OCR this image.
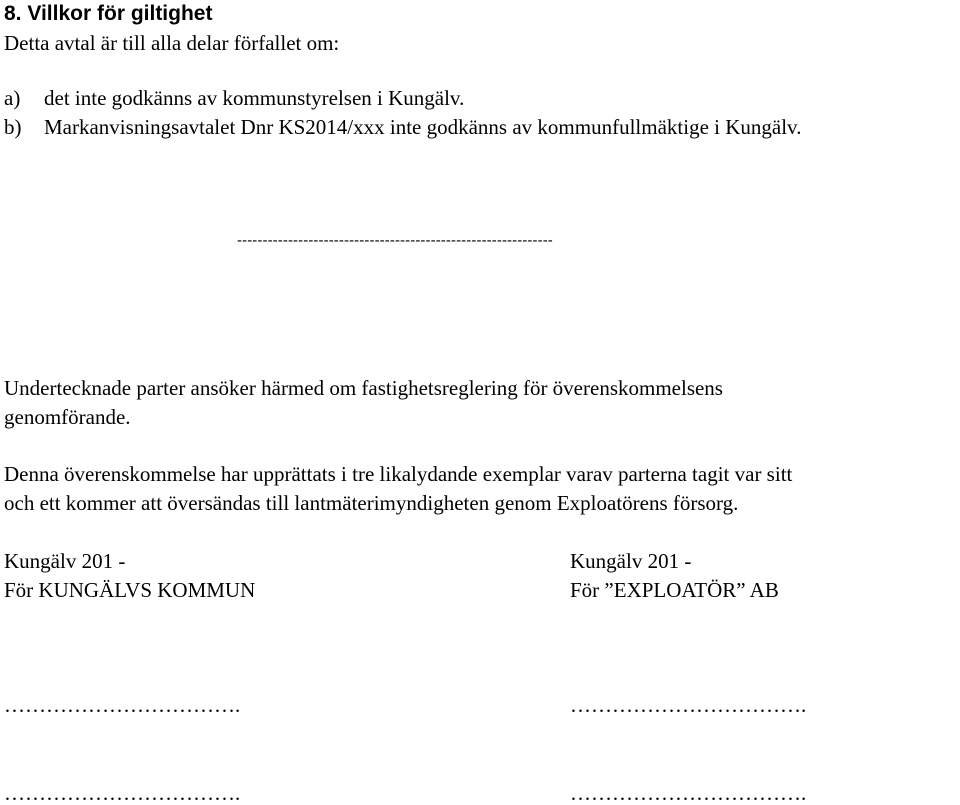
8. Villkor för giltighet
Detta avtal är till alla delar förfallet om:
a) det inte godkänns av kommunstyrelsen i Kungälv.
b) Markanvisningsavtalet Dnr KS2014/xxx inte godkänns av kommunfullmäktige i Kungälv.
--------------------------------------------------------------
Undertecknade parter ansöker härmed om fastighetsreglering för överenskommelsens
genomförande.
Denna överenskommelse har upprättats i tre likalydande exemplar varav parterna tagit var sitt
och ett kommer att översändas till lantmäterimyndigheten genom Exploatörens försorg.
Kungälv 201 -
För KUNGÄLVS KOMMUN
…………………………….
…………………………….
Kungälv 201 -
För ”EXPLOATÖR” AB
…………………………….
…………………………….
